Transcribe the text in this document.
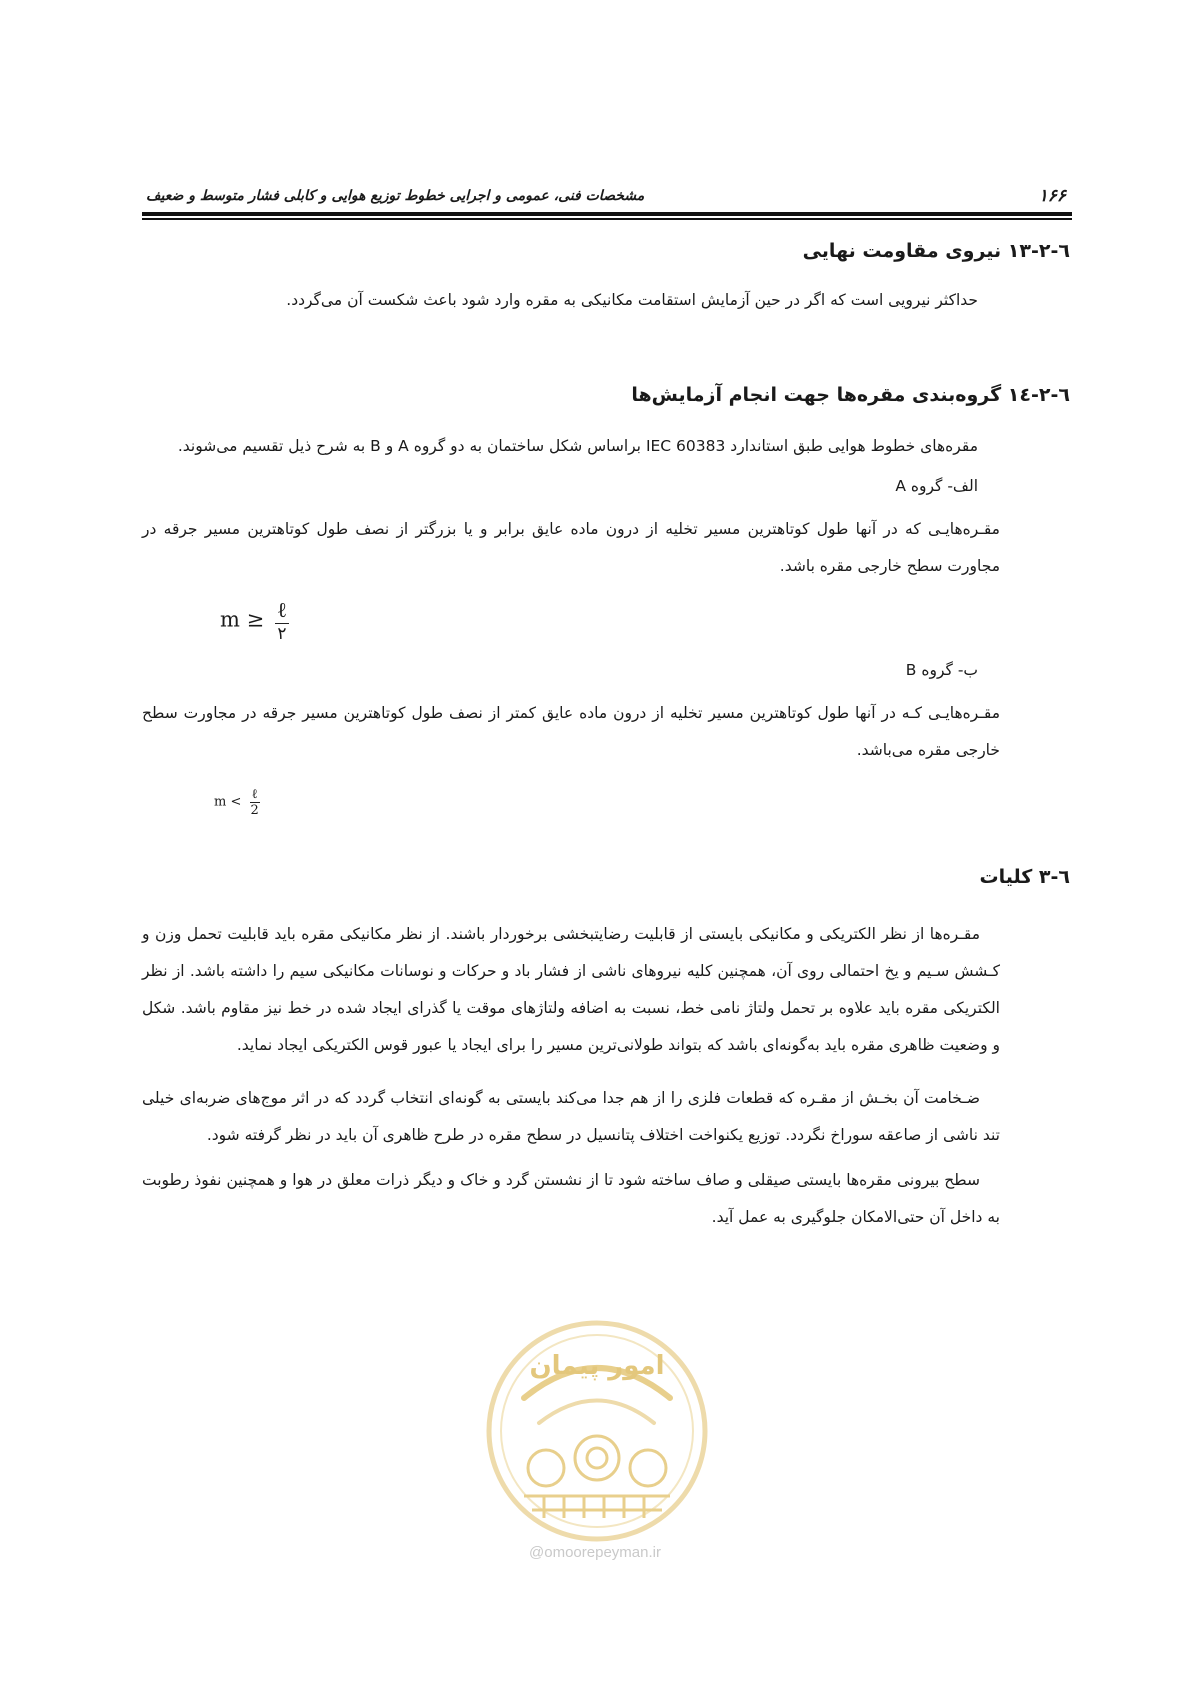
۱۶۶
مشخصات فنی، عمومی و اجرایی خطوط توزیع هوایی و کابلی فشار متوسط و ضعیف
٦-٢-١٣ نیروی مقاومت نهایی
حداکثر نیرویی است که اگر در حین آزمایش استقامت مکانیکی به مقره وارد شود باعث شکست آن می‌گردد.
٦-٢-١٤ گروه‌بندی مقره‌ها جهت انجام آزمایش‌ها
مقره‌های خطوط هوایی طبق استاندارد IEC 60383 براساس شکل ساختمان به دو گروه A و B به شرح ذیل تقسیم می‌شوند.
الف- گروه A
مقـره‌هایـی که در آنها طول کوتاهترین مسیر تخلیه از درون ماده عایق برابر و یا بزرگتر از نصف طول کوتاهترین مسیر جرقه در مجاورت سطح خارجی مقره باشد.
$m \ge \frac{\text{ℓ}}{۲}$
ب- گروه B
مقـره‌هایـی کـه در آنها طول کوتاهترین مسیر تخلیه از درون ماده عایق کمتر از نصف طول کوتاهترین مسیر جرقه در مجاورت سطح خارجی مقره می‌باشد.
$m < \frac{\text{ℓ}}{2}$
٦-٣ کلیات
مقـره‌ها از نظر الکتریکی و مکانیکی بایستی از قابلیت رضایتبخشی برخوردار باشند. از نظر مکانیکی مقره باید قابلیت تحمل وزن و کـشش سـیم و یخ احتمالی روی آن، همچنین کلیه نیروهای ناشی از فشار باد و حرکات و نوسانات مکانیکی سیم را داشته باشد. از نظر الکتریکی مقره باید علاوه بر تحمل ولتاژ نامی خط، نسبت به اضافه ولتاژهای موقت یا گذرای ایجاد شده در خط نیز مقاوم باشد. شکل و وضعیت ظاهری مقره باید به‌گونه‌ای باشد که بتواند طولانی‌ترین مسیر را برای ایجاد یا عبور قوس الکتریکی ایجاد نماید.
ضـخامت آن بخـش از مقـره که قطعات فلزی را از هم جدا می‌کند بایستی به گونه‌ای انتخاب گردد که در اثر موج‌های ضربه‌ای خیلی تند ناشی از صاعقه سوراخ نگردد. توزیع یکنواخت اختلاف پتانسیل در سطح مقره در طرح ظاهری آن باید در نظر گرفته شود.
سطح بیرونی مقره‌ها بایستی صیقلی و صاف ساخته شود تا از نشستن گرد و خاک و دیگر ذرات معلق در هوا و همچنین نفوذ رطوبت به داخل آن حتی‌الامکان جلوگیری به عمل آید.
امور پیمان
@omoorepeyman.ir
